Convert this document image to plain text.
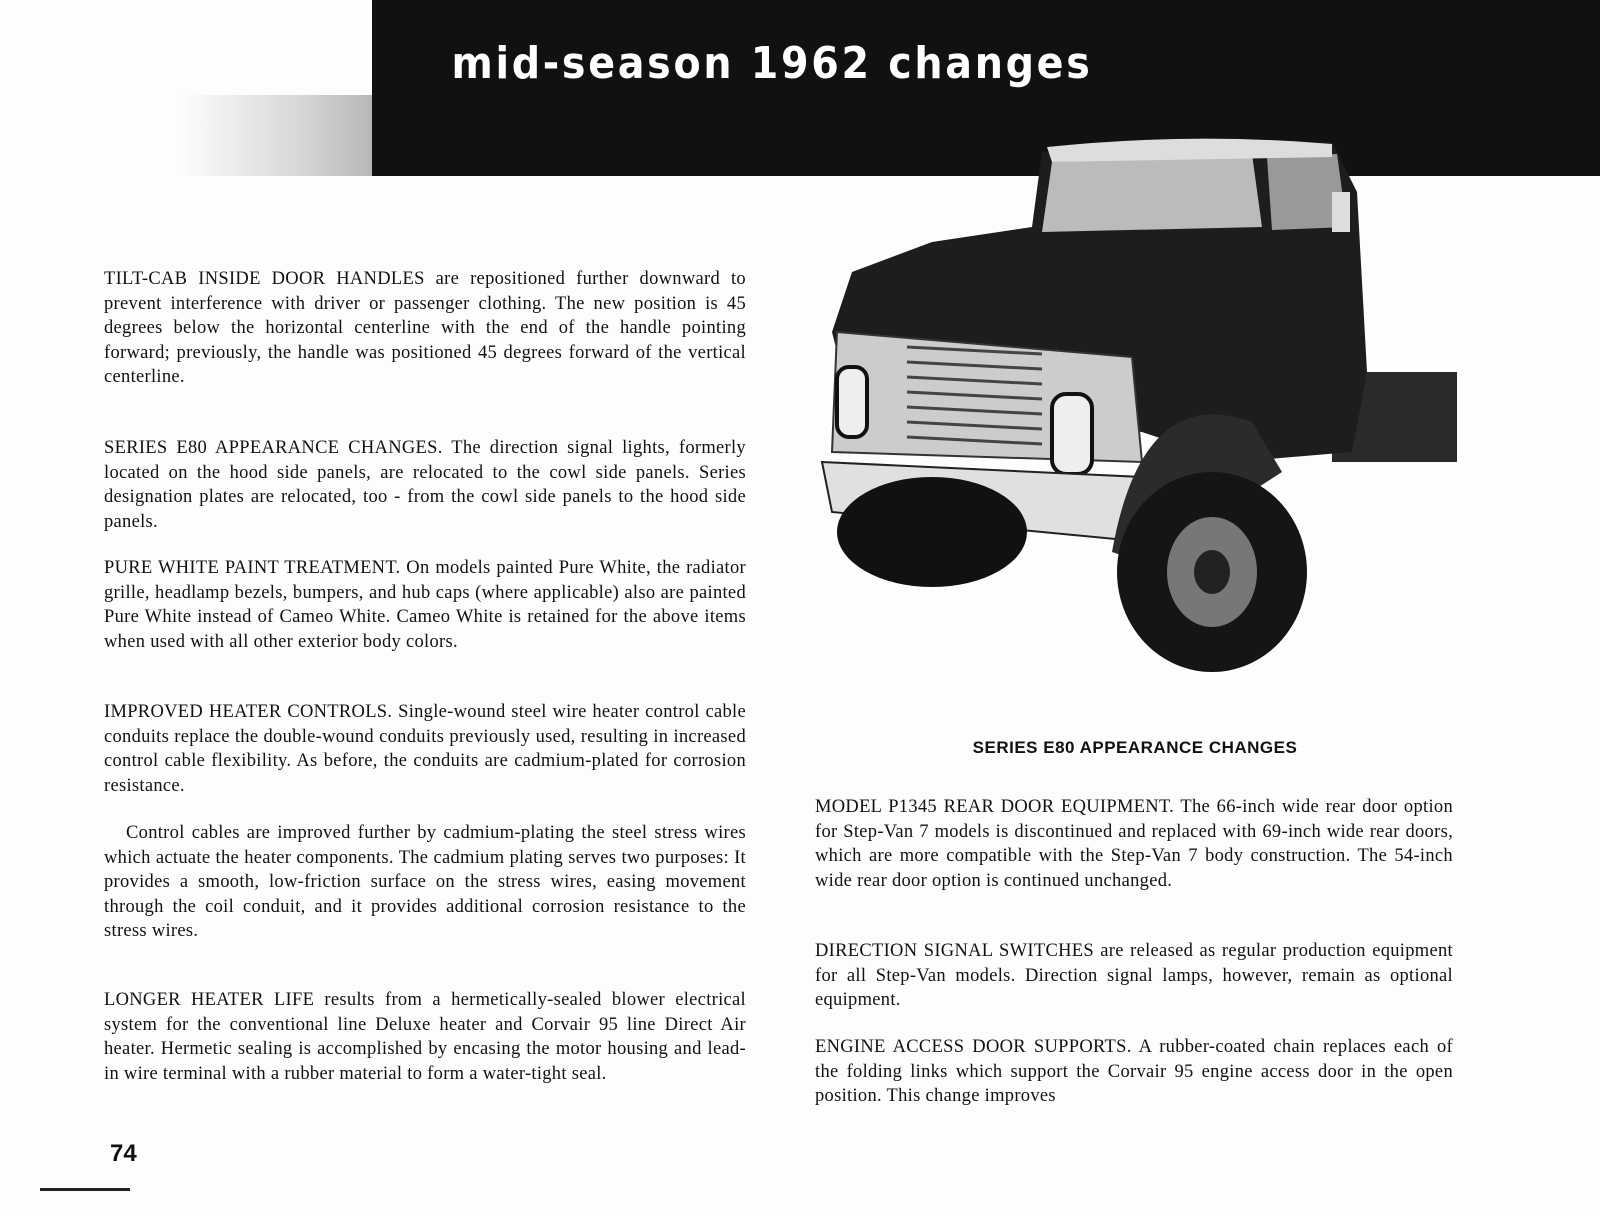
mid-season 1962 changes
SERIES E80 APPEARANCE CHANGES
TILT-CAB INSIDE DOOR HANDLES are repositioned further downward to prevent interference with driver or passenger clothing. The new position is 45 degrees below the horizontal centerline with the end of the handle pointing forward; previously, the handle was positioned 45 degrees forward of the vertical centerline.
SERIES E80 APPEARANCE CHANGES. The direction signal lights, formerly located on the hood side panels, are relocated to the cowl side panels. Series designation plates are relocated, too - from the cowl side panels to the hood side panels.
PURE WHITE PAINT TREATMENT. On models painted Pure White, the radiator grille, headlamp bezels, bumpers, and hub caps (where applicable) also are painted Pure White instead of Cameo White. Cameo White is retained for the above items when used with all other exterior body colors.
IMPROVED HEATER CONTROLS. Single-wound steel wire heater control cable conduits replace the double-wound conduits previously used, resulting in increased control cable flexibility. As before, the conduits are cadmium-plated for corrosion resistance.
Control cables are improved further by cadmium-plating the steel stress wires which actuate the heater components. The cadmium plating serves two purposes: It provides a smooth, low-friction surface on the stress wires, easing movement through the coil conduit, and it provides additional corrosion resistance to the stress wires.
LONGER HEATER LIFE results from a hermetically-sealed blower electrical system for the conventional line Deluxe heater and Corvair 95 line Direct Air heater. Hermetic sealing is accomplished by encasing the motor housing and lead-in wire terminal with a rubber material to form a water-tight seal.
MODEL P1345 REAR DOOR EQUIPMENT. The 66-inch wide rear door option for Step-Van 7 models is discontinued and replaced with 69-inch wide rear doors, which are more compatible with the Step-Van 7 body construction. The 54-inch wide rear door option is continued unchanged.
DIRECTION SIGNAL SWITCHES are released as regular production equipment for all Step-Van models. Direction signal lamps, however, remain as optional equipment.
ENGINE ACCESS DOOR SUPPORTS. A rubber-coated chain replaces each of the folding links which support the Corvair 95 engine access door in the open position. This change improves
74
